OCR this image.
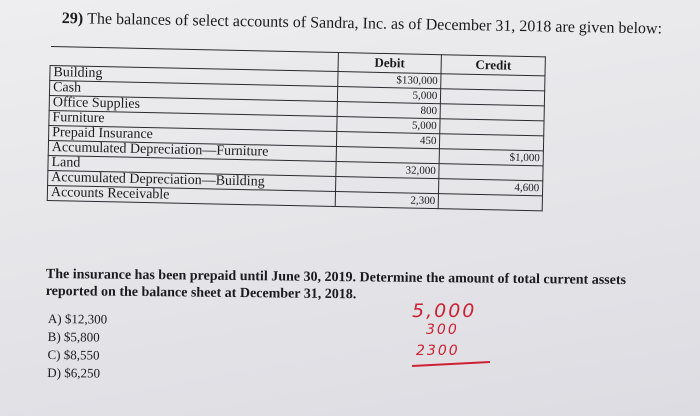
29) The balances of select accounts of Sandra, Inc. as of December 31, 2018 are given below:
	Debit	Credit
Building	$130,000	
Cash	5,000	
Office Supplies	800	
Furniture	5,000	
Prepaid Insurance	450	
Accumulated Depreciation—Furniture		$1,000
Land	32,000	
Accumulated Depreciation—Building		4,600
Accounts Receivable	2,300	
The insurance has been prepaid until June 30, 2019. Determine the amount of total current assets reported on the balance sheet at December 31, 2018.
A) $12,300
B) $5,800
C) $8,550
D) $6,250
5,000
300
2300
